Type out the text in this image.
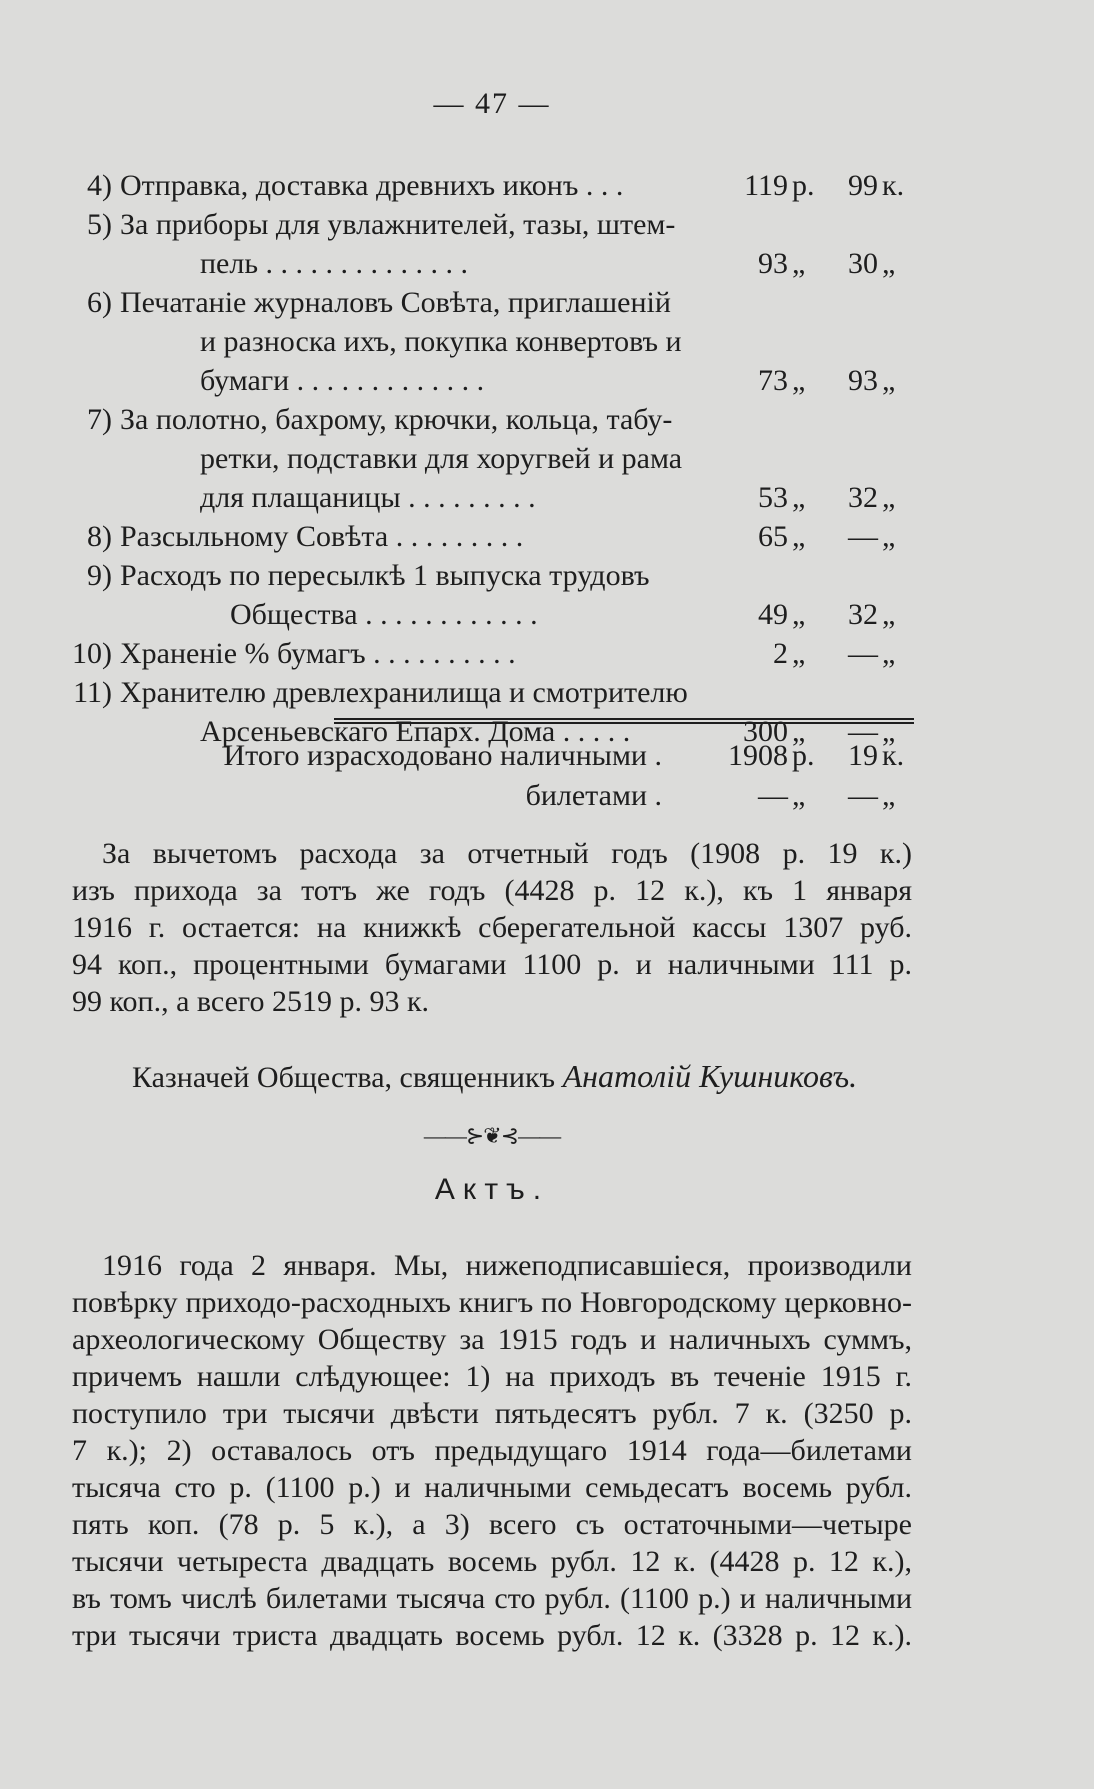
— 47 —
4) Отправка, доставка древнихъ иконъ . . .	119 р.	99 к.
5) За приборы для увлажнителей, тазы, штем-
пель . . . . . . . . . . . . . .	93 „	30 „
6) Печатаніе журналовъ Совѣта, приглашеній
и разноска ихъ, покупка конвертовъ и
бумаги . . . . . . . . . . . . .	73 „	93 „
7) За полотно, бахрому, крючки, кольца, табу-
ретки, подставки для хоругвей и рама
для плащаницы . . . . . . . . .	53 „	32 „
8) Разсыльному Совѣта . . . . . . . . .	65 „	— „
9) Расходъ по пересылкѣ 1 выпуска трудовъ
Общества . . . . . . . . . . . .	49 „	32 „
10) Храненіе % бумагъ . . . . . . . . . .	2 „	— „
11) Хранителю древлехранилища и смотрителю
Арсеньевскаго Епарх. Дома . . . . .	300 „	— „
Итого израсходовано наличными .	1908 р.	19 к.
билетами .	— „	— „
За вычетомъ расхода за отчетный годъ (1908 р. 19 к.)
изъ прихода за тотъ же годъ (4428 р. 12 к.), къ 1 января
1916 г. остается: на книжкѣ сберегательной кассы 1307 руб.
94 коп., процентными бумагами 1100 р. и наличными 111 р.
99 коп., а всего 2519 р. 93 к.
Казначей Общества, священникъ Анатолій Кушниковъ.
——⊱❦⊰——
Актъ.
1916 года 2 января. Мы, нижеподписавшіеся, производили
повѣрку приходо-расходныхъ книгъ по Новгородскому церковно-
археологическому Обществу за 1915 годъ и наличныхъ суммъ,
причемъ нашли слѣдующее: 1) на приходъ въ теченіе 1915 г.
поступило три тысячи двѣсти пятьдесятъ рубл. 7 к. (3250 р.
7 к.); 2) оставалось отъ предыдущаго 1914 года—билетами
тысяча сто р. (1100 р.) и наличными семьдесатъ восемь рубл.
пять коп. (78 р. 5 к.), а 3) всего съ остаточными—четыре
тысячи четыреста двадцать восемь рубл. 12 к. (4428 р. 12 к.),
въ томъ числѣ билетами тысяча сто рубл. (1100 р.) и наличными
три тысячи триста двадцать восемь рубл. 12 к. (3328 р. 12 к.).
